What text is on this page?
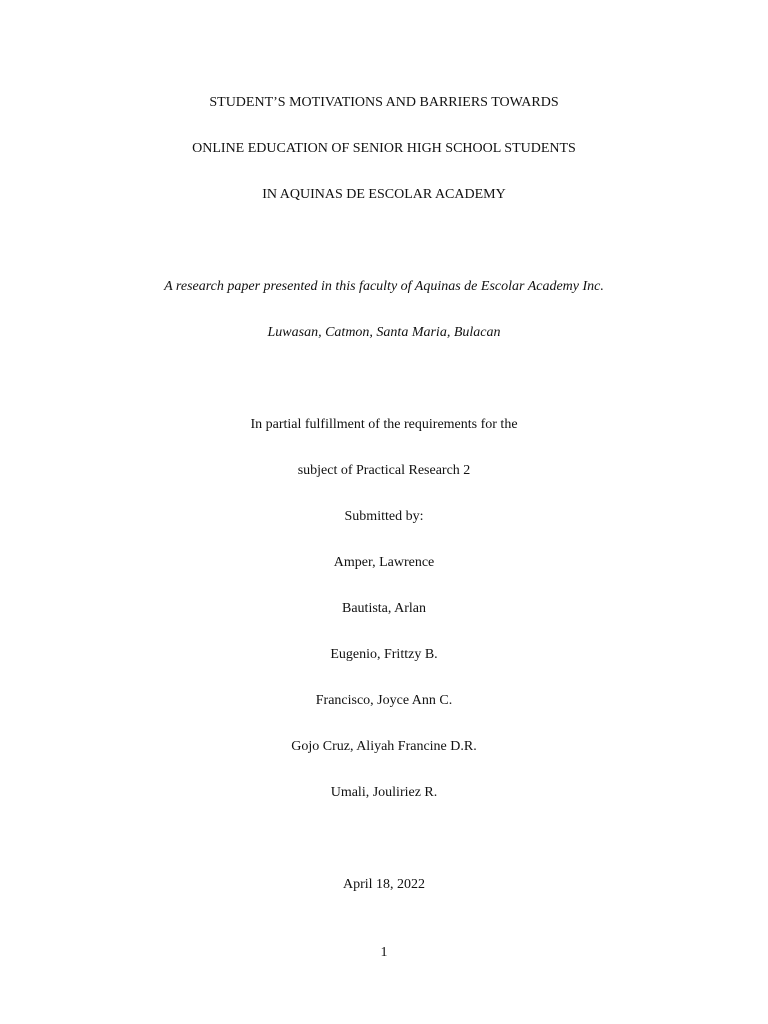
STUDENT’S MOTIVATIONS AND BARRIERS TOWARDS
ONLINE EDUCATION OF SENIOR HIGH SCHOOL STUDENTS
IN AQUINAS DE ESCOLAR ACADEMY
A research paper presented in this faculty of Aquinas de Escolar Academy Inc.
Luwasan, Catmon, Santa Maria, Bulacan
In partial fulfillment of the requirements for the
subject of Practical Research 2
Submitted by:
Amper, Lawrence
Bautista, Arlan
Eugenio, Frittzy B.
Francisco, Joyce Ann C.
Gojo Cruz, Aliyah Francine D.R.
Umali, Jouliriez R.
April 18, 2022
1
